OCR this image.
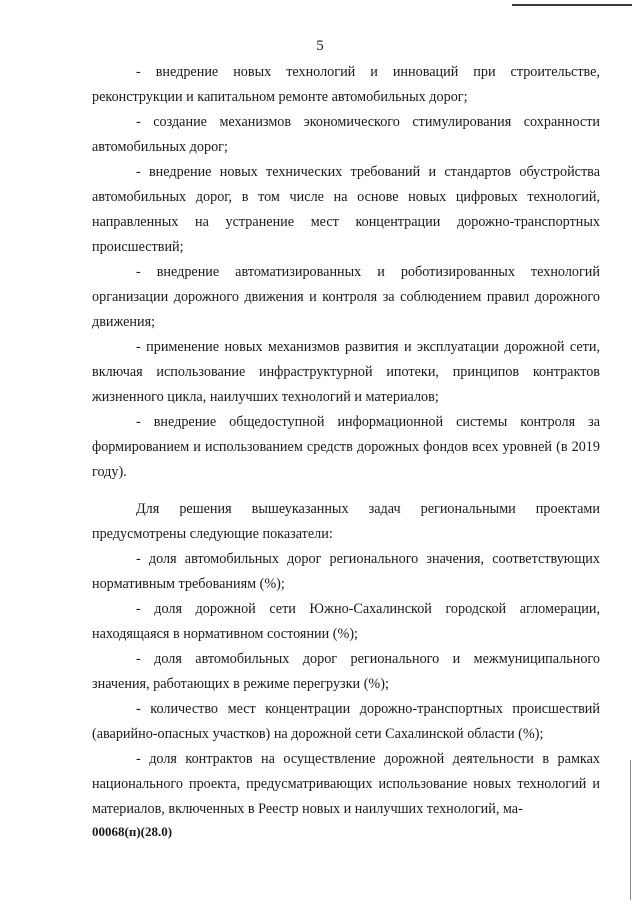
5

- внедрение новых технологий и инноваций при строительстве, реконструкции и капитальном ремонте автомобильных дорог;

- создание механизмов экономического стимулирования сохранности автомобильных дорог;

- внедрение новых технических требований и стандартов обустройства автомобильных дорог, в том числе на основе новых цифровых технологий, направленных на устранение мест концентрации дорожно-транспортных происшествий;

- внедрение автоматизированных и роботизированных технологий организации дорожного движения и контроля за соблюдением правил дорожного движения;

- применение новых механизмов развития и эксплуатации дорожной сети, включая использование инфраструктурной ипотеки, принципов контрактов жизненного цикла, наилучших технологий и материалов;

- внедрение общедоступной информационной системы контроля за формированием и использованием средств дорожных фондов всех уровней (в 2019 году).

Для решения вышеуказанных задач региональными проектами предусмотрены следующие показатели:

- доля автомобильных дорог регионального значения, соответствующих нормативным требованиям (%);

- доля дорожной сети Южно-Сахалинской городской агломерации, находящаяся в нормативном состоянии (%);

- доля автомобильных дорог регионального и межмуниципального значения, работающих в режиме перегрузки (%);

- количество мест концентрации дорожно-транспортных происшествий (аварийно-опасных участков) на дорожной сети Сахалинской области (%);

- доля контрактов на осуществление дорожной деятельности в рамках национального проекта, предусматривающих использование новых технологий и материалов, включенных в Реестр новых и наилучших технологий, ма-

00068(п)(28.0)
